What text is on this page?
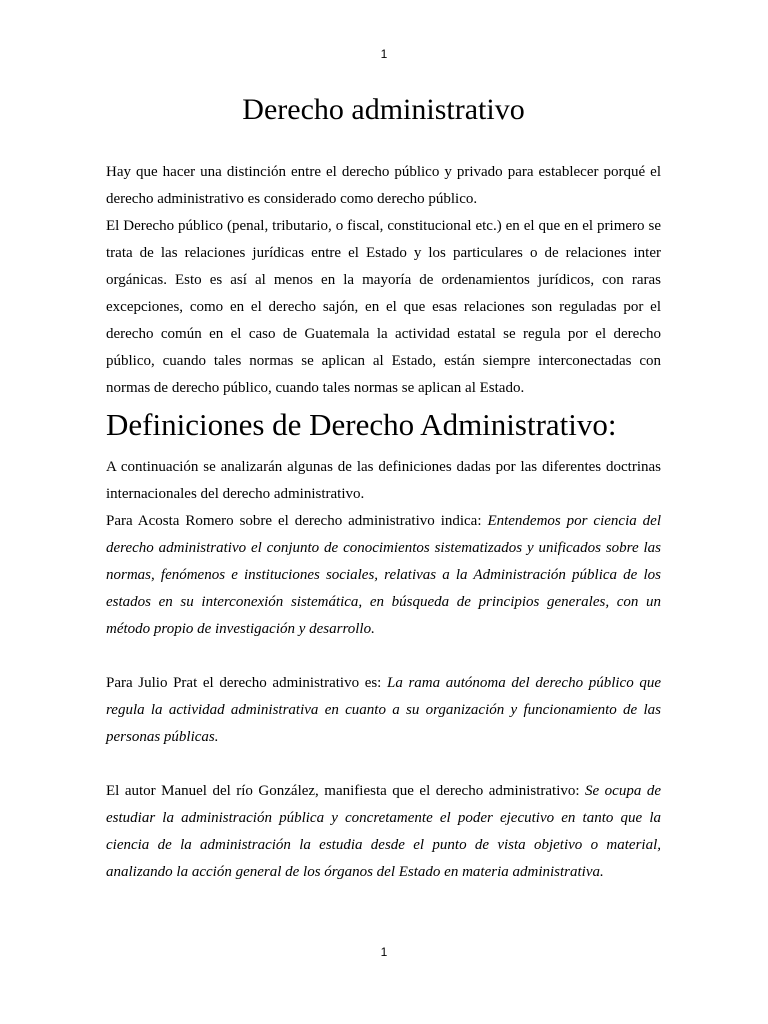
1
Derecho administrativo

Hay que hacer una distinción entre el derecho público y privado para establecer porqué el derecho administrativo es considerado como derecho público.

El Derecho público (penal, tributario, o fiscal, constitucional etc.) en el que en el primero se trata de las relaciones jurídicas entre el Estado y los particulares o de relaciones inter orgánicas. Esto es así al menos en la mayoría de ordenamientos jurídicos, con raras excepciones, como en el derecho sajón, en el que esas relaciones son reguladas por el derecho común en el caso de Guatemala la actividad estatal se regula por el derecho público, cuando tales normas se aplican al Estado, están siempre interconectadas con normas de derecho público, cuando tales normas se aplican al Estado.

Definiciones de Derecho Administrativo:

A continuación se analizarán algunas de las definiciones dadas por las diferentes doctrinas internacionales del derecho administrativo.

Para Acosta Romero sobre el derecho administrativo indica: Entendemos por ciencia del derecho administrativo el conjunto de conocimientos sistematizados y unificados sobre las normas, fenómenos e instituciones sociales, relativas a la Administración pública de los estados en su interconexión sistemática, en búsqueda de principios generales, con un método propio de investigación y desarrollo.

Para Julio Prat el derecho administrativo es: La rama autónoma del derecho público que regula la actividad administrativa en cuanto a su organización y funcionamiento de las personas públicas.

El autor Manuel del río González, manifiesta que el derecho administrativo: Se ocupa de estudiar la administración pública y concretamente el poder ejecutivo en tanto que la ciencia de la administración la estudia desde el punto de vista objetivo o material, analizando la acción general de los órganos del Estado en materia administrativa.

1
